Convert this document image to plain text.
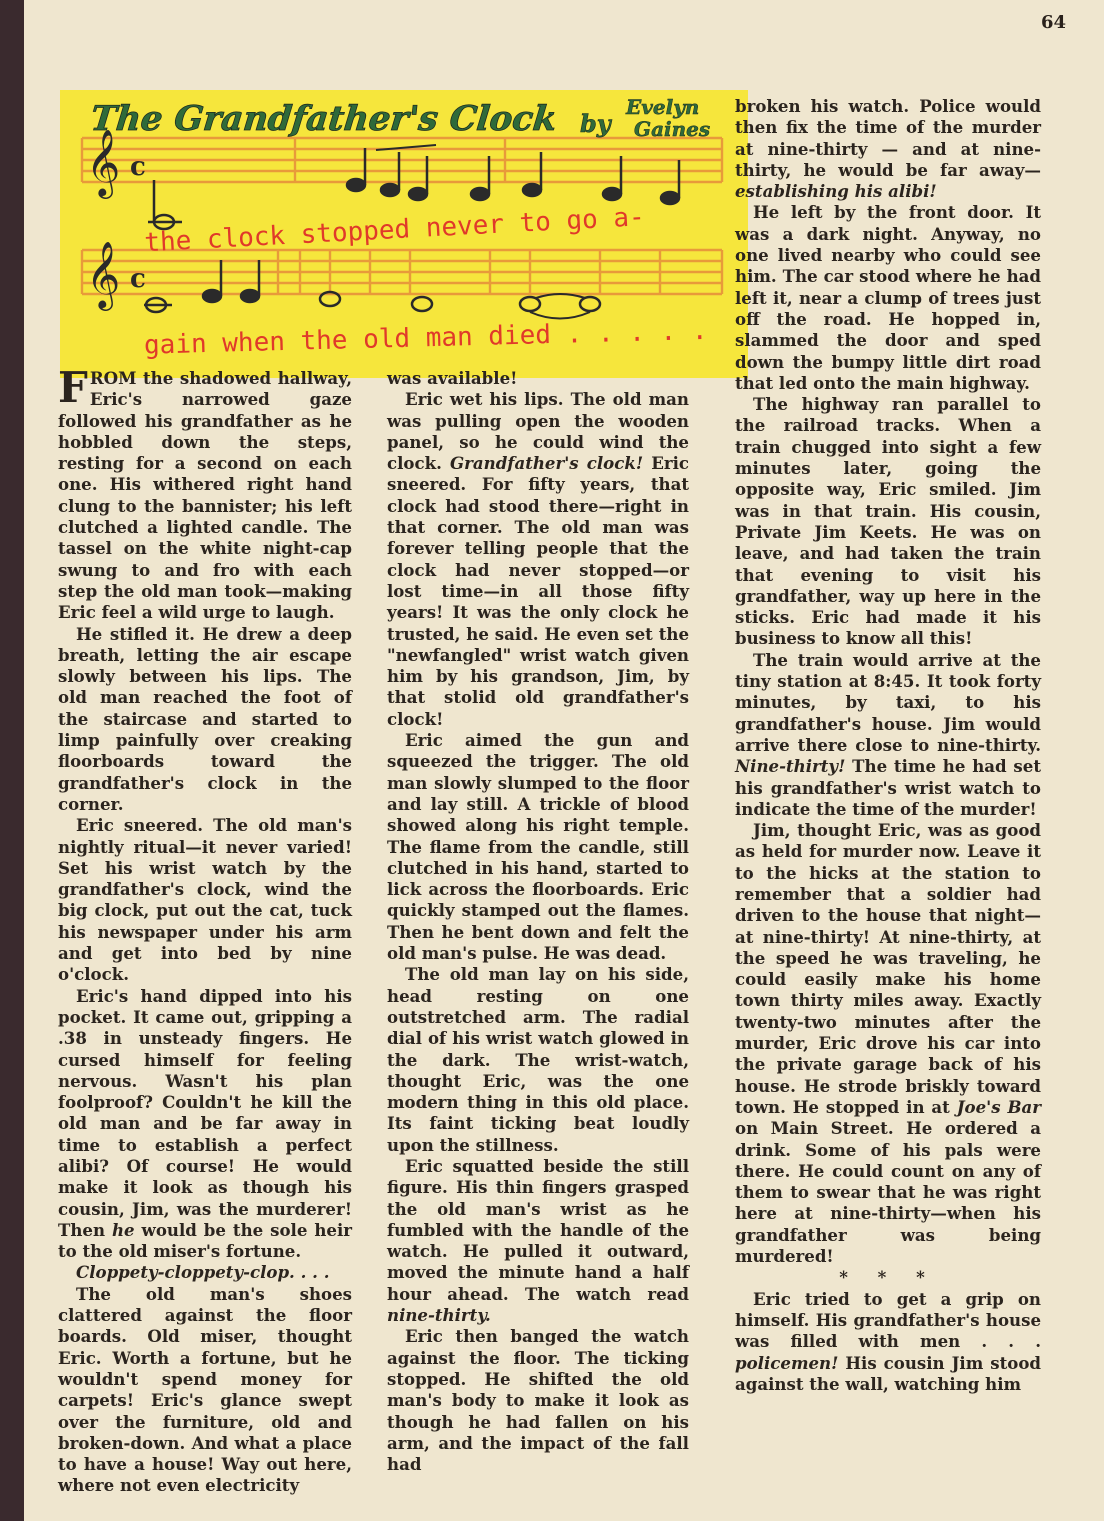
64
𝄞 c
𝄞 c
The Grandfather's Clock by
Evelyn
Gaines
the clock stopped never to go a-
gain when the old man died . . . . .

FROM the shadowed hallway, Eric's narrowed gaze followed his grandfather as he hobbled down the steps, resting for a second on each one. His withered right hand clung to the bannister; his left clutched a lighted candle. The tassel on the white night-cap swung to and fro with each step the old man took—making Eric feel a wild urge to laugh.

He stifled it. He drew a deep breath, letting the air escape slowly between his lips. The old man reached the foot of the staircase and started to limp painfully over creaking floorboards toward the grandfather's clock in the corner.

Eric sneered. The old man's nightly ritual—it never varied! Set his wrist watch by the grandfather's clock, wind the big clock, put out the cat, tuck his newspaper under his arm and get into bed by nine o'clock.

Eric's hand dipped into his pocket. It came out, gripping a .38 in unsteady fingers. He cursed himself for feeling nervous. Wasn't his plan foolproof? Couldn't he kill the old man and be far away in time to establish a perfect alibi? Of course! He would make it look as though his cousin, Jim, was the murderer! Then he would be the sole heir to the old miser's fortune.

Cloppety-cloppety-clop. . . .

The old man's shoes clattered against the floor boards. Old miser, thought Eric. Worth a fortune, but he wouldn't spend money for carpets! Eric's glance swept over the furniture, old and broken-down. And what a place to have a house! Way out here, where not even electricity

was available!

Eric wet his lips. The old man was pulling open the wooden panel, so he could wind the clock. Grandfather's clock! Eric sneered. For fifty years, that clock had stood there—right in that corner. The old man was forever telling people that the clock had never stopped—or lost time—in all those fifty years! It was the only clock he trusted, he said. He even set the "newfangled" wrist watch given him by his grandson, Jim, by that stolid old grandfather's clock!

Eric aimed the gun and squeezed the trigger. The old man slowly slumped to the floor and lay still. A trickle of blood showed along his right temple. The flame from the candle, still clutched in his hand, started to lick across the floorboards. Eric quickly stamped out the flames. Then he bent down and felt the old man's pulse. He was dead.

The old man lay on his side, head resting on one outstretched arm. The radial dial of his wrist watch glowed in the dark. The wrist-watch, thought Eric, was the one modern thing in this old place. Its faint ticking beat loudly upon the stillness.

Eric squatted beside the still figure. His thin fingers grasped the old man's wrist as he fumbled with the handle of the watch. He pulled it outward, moved the minute hand a half hour ahead. The watch read nine-thirty.

Eric then banged the watch against the floor. The ticking stopped. He shifted the old man's body to make it look as though he had fallen on his arm, and the impact of the fall had

broken his watch. Police would then fix the time of the murder at nine-thirty — and at nine-thirty, he would be far away—establishing his alibi!

He left by the front door. It was a dark night. Anyway, no one lived nearby who could see him. The car stood where he had left it, near a clump of trees just off the road. He hopped in, slammed the door and sped down the bumpy little dirt road that led onto the main highway.

The highway ran parallel to the railroad tracks. When a train chugged into sight a few minutes later, going the opposite way, Eric smiled. Jim was in that train. His cousin, Private Jim Keets. He was on leave, and had taken the train that evening to visit his grandfather, way up here in the sticks. Eric had made it his business to know all this!

The train would arrive at the tiny station at 8:45. It took forty minutes, by taxi, to his grandfather's house. Jim would arrive there close to nine-thirty. Nine-thirty! The time he had set his grandfather's wrist watch to indicate the time of the murder!

Jim, thought Eric, was as good as held for murder now. Leave it to the hicks at the station to remember that a soldier had driven to the house that night—at nine-thirty! At nine-thirty, at the speed he was traveling, he could easily make his home town thirty miles away. Exactly twenty-two minutes after the murder, Eric drove his car into the private garage back of his house. He strode briskly toward town. He stopped in at Joe's Bar on Main Street. He ordered a drink. Some of his pals were there. He could count on any of them to swear that he was right here at nine-thirty—when his grandfather was being murdered!

* * *

Eric tried to get a grip on himself. His grandfather's house was filled with men . . . policemen! His cousin Jim stood against the wall, watching him
